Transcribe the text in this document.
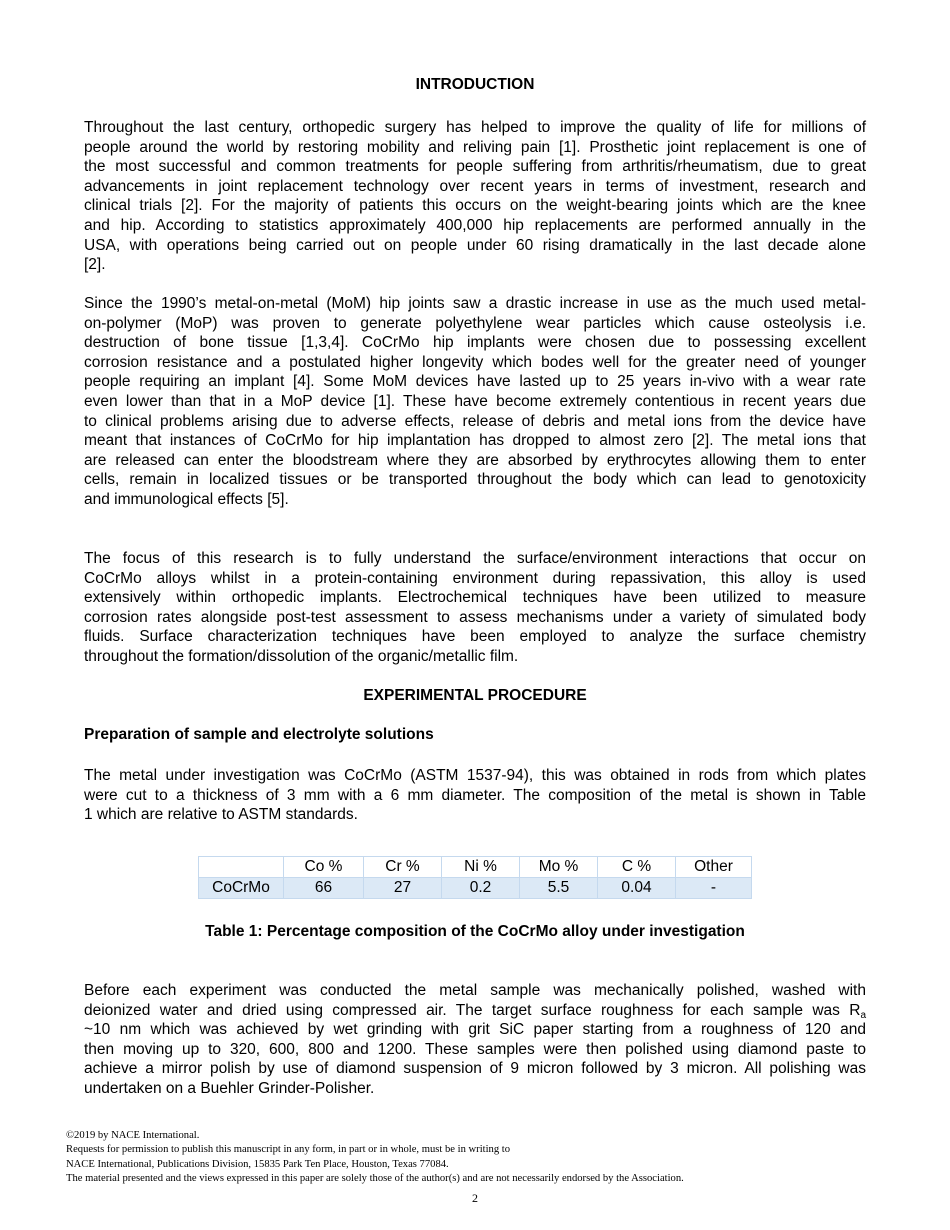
INTRODUCTION
Throughout the last century, orthopedic surgery has helped to improve the quality of life for millions of
people around the world by restoring mobility and reliving pain [1]. Prosthetic joint replacement is one of
the most successful and common treatments for people suffering from arthritis/rheumatism, due to great
advancements in joint replacement technology over recent years in terms of investment, research and
clinical trials [2]. For the majority of patients this occurs on the weight-bearing joints which are the knee
and hip. According to statistics approximately 400,000 hip replacements are performed annually in the
USA, with operations being carried out on people under 60 rising dramatically in the last decade alone
[2].
Since the 1990’s metal-on-metal (MoM) hip joints saw a drastic increase in use as the much used metal-
on-polymer (MoP) was proven to generate polyethylene wear particles which cause osteolysis i.e.
destruction of bone tissue [1,3,4]. CoCrMo hip implants were chosen due to possessing excellent
corrosion resistance and a postulated higher longevity which bodes well for the greater need of younger
people requiring an implant [4]. Some MoM devices have lasted up to 25 years in-vivo with a wear rate
even lower than that in a MoP device [1]. These have become extremely contentious in recent years due
to clinical problems arising due to adverse effects, release of debris and metal ions from the device have
meant that instances of CoCrMo for hip implantation has dropped to almost zero [2]. The metal ions that
are released can enter the bloodstream where they are absorbed by erythrocytes allowing them to enter
cells, remain in localized tissues or be transported throughout the body which can lead to genotoxicity
and immunological effects [5].
The focus of this research is to fully understand the surface/environment interactions that occur on
CoCrMo alloys whilst in a protein-containing environment during repassivation, this alloy is used
extensively within orthopedic implants. Electrochemical techniques have been utilized to measure
corrosion rates alongside post-test assessment to assess mechanisms under a variety of simulated body
fluids. Surface characterization techniques have been employed to analyze the surface chemistry
throughout the formation/dissolution of the organic/metallic film.
EXPERIMENTAL PROCEDURE
Preparation of sample and electrolyte solutions
The metal under investigation was CoCrMo (ASTM 1537-94), this was obtained in rods from which plates
were cut to a thickness of 3 mm with a 6 mm diameter. The composition of the metal is shown in Table
1 which are relative to ASTM standards.
	Co %	Cr %	Ni %	Mo %	C %	Other
CoCrMo	66	27	0.2	5.5	0.04	-
Table 1: Percentage composition of the CoCrMo alloy under investigation
Before each experiment was conducted the metal sample was mechanically polished, washed with
deionized water and dried using compressed air. The target surface roughness for each sample was $R_a$
~10 nm which was achieved by wet grinding with grit SiC paper starting from a roughness of 120 and
then moving up to 320, 600, 800 and 1200. These samples were then polished using diamond paste to
achieve a mirror polish by use of diamond suspension of 9 micron followed by 3 micron. All polishing was
undertaken on a Buehler Grinder-Polisher.
©2019 by NACE International.
Requests for permission to publish this manuscript in any form, in part or in whole, must be in writing to
NACE International, Publications Division, 15835 Park Ten Place, Houston, Texas 77084.
The material presented and the views expressed in this paper are solely those of the author(s) and are not necessarily endorsed by the Association.
2
